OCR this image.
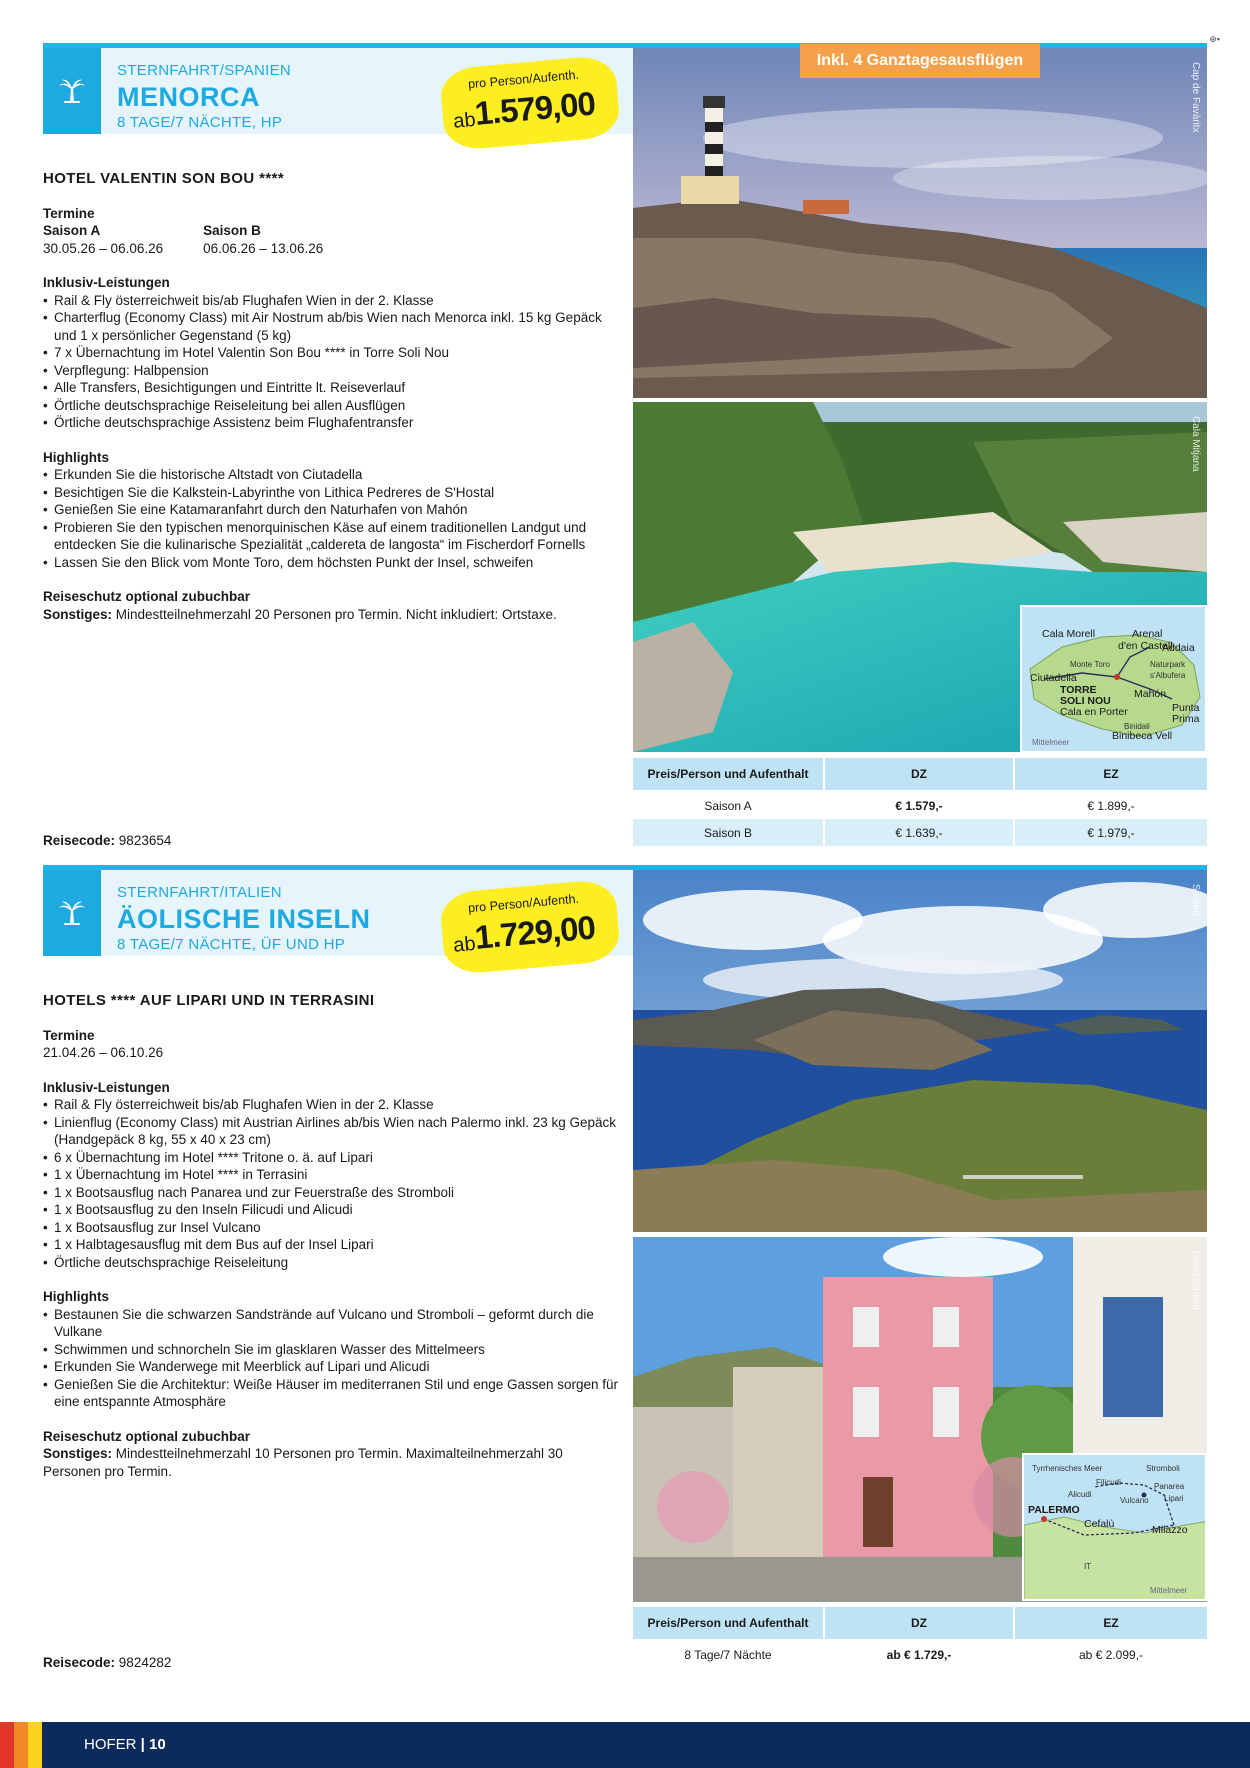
⊕▪
STERNFAHRT/SPANIEN
MENORCA
8 TAGE/7 NÄCHTE, HP
pro Person/Aufenth.
ab
1.579,00
HOTEL VALENTIN SON BOU ****
Termine
Saison A
30.05.26 – 06.06.26
Saison B
06.06.26 – 13.06.26
Inklusiv-Leistungen
• Rail & Fly österreichweit bis/ab Flughafen Wien in der 2. Klasse
• Charterflug (Economy Class) mit Air Nostrum ab/bis Wien nach Menorca inkl. 15 kg Gepäck und 1 x persönlicher Gegenstand (5 kg)
• 7 x Übernachtung im Hotel Valentin Son Bou **** in Torre Soli Nou
• Verpflegung: Halbpension
• Alle Transfers, Besichtigungen und Eintritte lt. Reiseverlauf
• Örtliche deutschsprachige Reiseleitung bei allen Ausflügen
• Örtliche deutschsprachige Assistenz beim Flughafentransfer
Highlights
• Erkunden Sie die historische Altstadt von Ciutadella
• Besichtigen Sie die Kalkstein-Labyrinthe von Lithica Pedreres de S'Hostal
• Genießen Sie eine Katamaranfahrt durch den Naturhafen von Mahón
• Probieren Sie den typischen menorquinischen Käse auf einem traditionellen Landgut und entdecken Sie die kulinarische Spezialität „caldereta de langosta“ im Fischerdorf Fornells
• Lassen Sie den Blick vom Monte Toro, dem höchsten Punkt der Insel, schweifen
Reiseschutz optional zubuchbar
Sonstiges: Mindestteilnehmerzahl 20 Personen pro Termin. Nicht inkludiert: Ortstaxe.
Reisecode: 9823654
Cap de Favàritx
Inkl. 4 Ganztagesausflügen
Cala Mitjana
Cala Morell	Arenal
d'en Castell
Addaia
Monte Toro	Naturpark s'Albufera
Ciutadella
TORRE
SOLI NOU
Mahón
Punta Prima
Cala en Porter
Binidali
Binibeca Vell
Mittelmeer
Preis/Person und Aufenthalt	DZ	EZ
Saison A	€ 1.579,-	€ 1.899,-
Saison B	€ 1.639,-	€ 1.979,-
STERNFAHRT/ITALIEN
ÄOLISCHE INSELN
8 TAGE/7 NÄCHTE, ÜF UND HP
pro Person/Aufenth.
ab
1.729,00
HOTELS **** AUF LIPARI UND IN TERRASINI
Termine
21.04.26 – 06.10.26
Inklusiv-Leistungen
• Rail & Fly österreichweit bis/ab Flughafen Wien in der 2. Klasse
• Linienflug (Economy Class) mit Austrian Airlines ab/bis Wien nach Palermo inkl. 23 kg Gepäck (Handgepäck 8 kg, 55 x 40 x 23 cm)
• 6 x Übernachtung im Hotel **** Tritone o. ä. auf Lipari
• 1 x Übernachtung im Hotel **** in Terrasini
• 1 x Bootsausflug nach Panarea und zur Feuerstraße des Stromboli
• 1 x Bootsausflug zu den Inseln Filicudi und Alicudi
• 1 x Bootsausflug zur Insel Vulcano
• 1 x Halbtagesausflug mit dem Bus auf der Insel Lipari
• Örtliche deutschsprachige Reiseleitung
Highlights
• Bestaunen Sie die schwarzen Sandstrände auf Vulcano und Stromboli – geformt durch die Vulkane
• Schwimmen und schnorcheln Sie im glasklaren Wasser des Mittelmeers
• Erkunden Sie Wanderwege mit Meerblick auf Lipari und Alicudi
• Genießen Sie die Architektur: Weiße Häuser im mediterranen Stil und enge Gassen sorgen für eine entspannte Atmosphäre
Reiseschutz optional zubuchbar
Sonstiges: Mindestteilnehmerzahl 10 Personen pro Termin. Maximalteilnehmerzahl 30 Personen pro Termin.
Reisecode: 9824282
Sizilien
Lipari/Sizilien
Tyrrhenisches Meer	Stromboli
Filicudi	Panarea
Alicudi
Vulcano Lipari
PALERMO
Cefalù	Milazzo
IT
Mittelmeer
Preis/Person und Aufenthalt	DZ	EZ
8 Tage/7 Nächte	ab € 1.729,-	ab € 2.099,-
HOFER | 10
